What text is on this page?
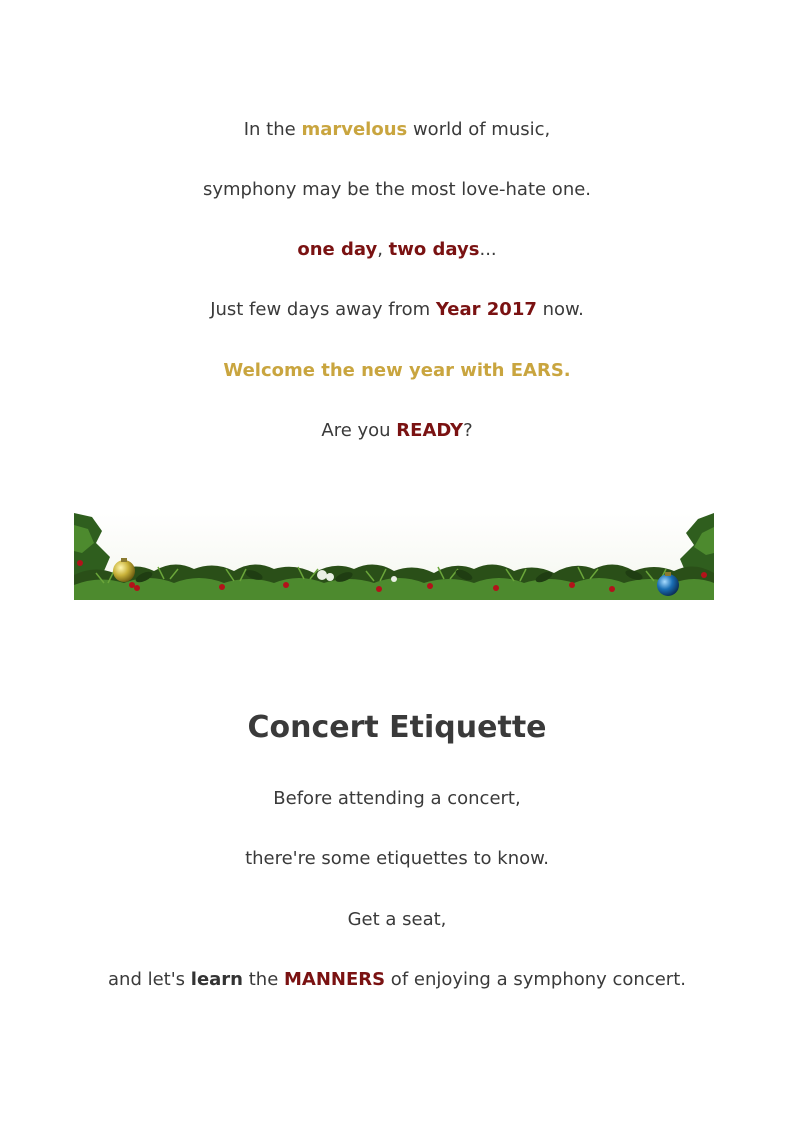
In the marvelous world of music,
symphony may be the most love-hate one.
one day, two days...
Just few days away from Year 2017 now.
Welcome the new year with EARS.
Are you READY?
Concert Etiquette
Before attending a concert,
there're some etiquettes to know.
Get a seat,
and let's learn the MANNERS of enjoying a symphony concert.
